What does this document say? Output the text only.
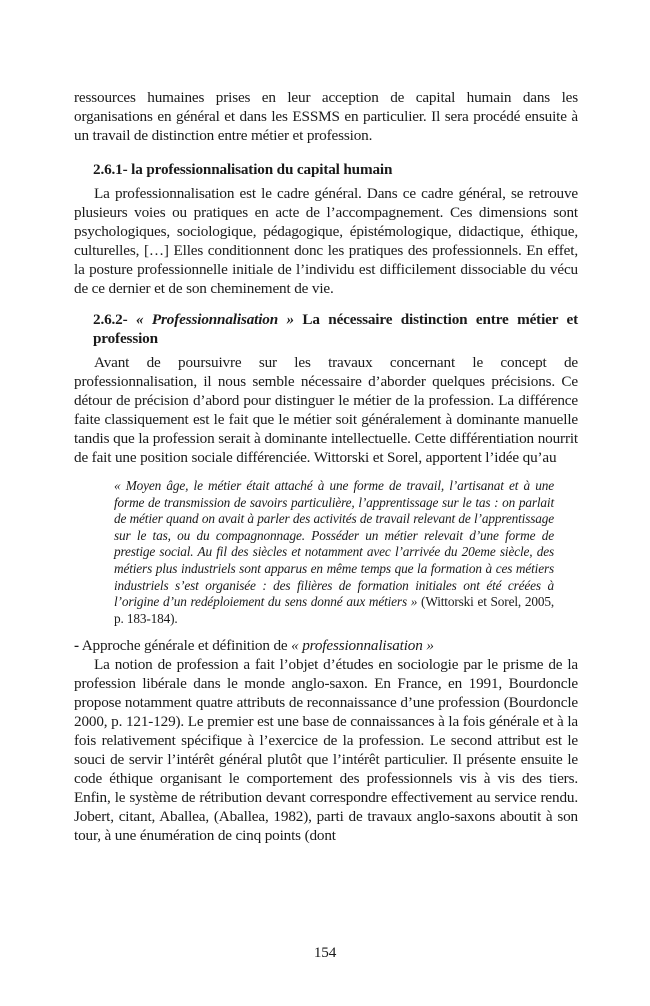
ressources humaines prises en leur acception de capital humain dans les organisations en général et dans les ESSMS en particulier. Il sera procédé ensuite à un travail de distinction entre métier et profession.

2.6.1- la professionnalisation du capital humain

La professionnalisation est le cadre général. Dans ce cadre général, se retrouve plusieurs voies ou pratiques en acte de l’accompagnement. Ces dimensions sont psychologiques, sociologique, pédagogique, épistémologique, didactique, éthique, culturelles, […] Elles conditionnent donc les pratiques des professionnels. En effet, la posture professionnelle initiale de l’individu est difficilement dissociable du vécu de ce dernier et de son cheminement de vie.

2.6.2- « Professionnalisation » La nécessaire distinction entre métier et profession

Avant de poursuivre sur les travaux concernant le concept de professionnalisation, il nous semble nécessaire d’aborder quelques précisions. Ce détour de précision d’abord pour distinguer le métier de la profession. La différence faite classiquement est le fait que le métier soit généralement à dominante manuelle tandis que la profession serait à dominante intellectuelle. Cette différentiation nourrit de fait une position sociale différenciée. Wittorski et Sorel, apportent l’idée qu’au

« Moyen âge, le métier était attaché à une forme de travail, l’artisanat et à une forme de transmission de savoirs particulière, l’apprentissage sur le tas : on parlait de métier quand on avait à parler des activités de travail relevant de l’apprentissage sur le tas, ou du compagnonnage. Posséder un métier relevait d’une forme de prestige social. Au fil des siècles et notamment avec l’arrivée du 20eme siècle, des métiers plus industriels sont apparus en même temps que la formation à ces métiers industriels s’est organisée : des filières de formation initiales ont été créées à l’origine d’un redéploiement du sens donné aux métiers » (Wittorski et Sorel, 2005, p. 183-184).

- Approche générale et définition de « professionnalisation »

La notion de profession a fait l’objet d’études en sociologie par le prisme de la profession libérale dans le monde anglo-saxon. En France, en 1991, Bourdoncle propose notamment quatre attributs de reconnaissance d’une profession (Bourdoncle 2000, p. 121-129). Le premier est une base de connaissances à la fois générale et à la fois relativement spécifique à l’exercice de la profession. Le second attribut est le souci de servir l’intérêt général plutôt que l’intérêt particulier. Il présente ensuite le code éthique organisant le comportement des professionnels vis à vis des tiers. Enfin, le système de rétribution devant correspondre effectivement au service rendu. Jobert, citant, Aballea, (Aballea, 1982), parti de travaux anglo-saxons aboutit à son tour, à une énumération de cinq points (dont

154
